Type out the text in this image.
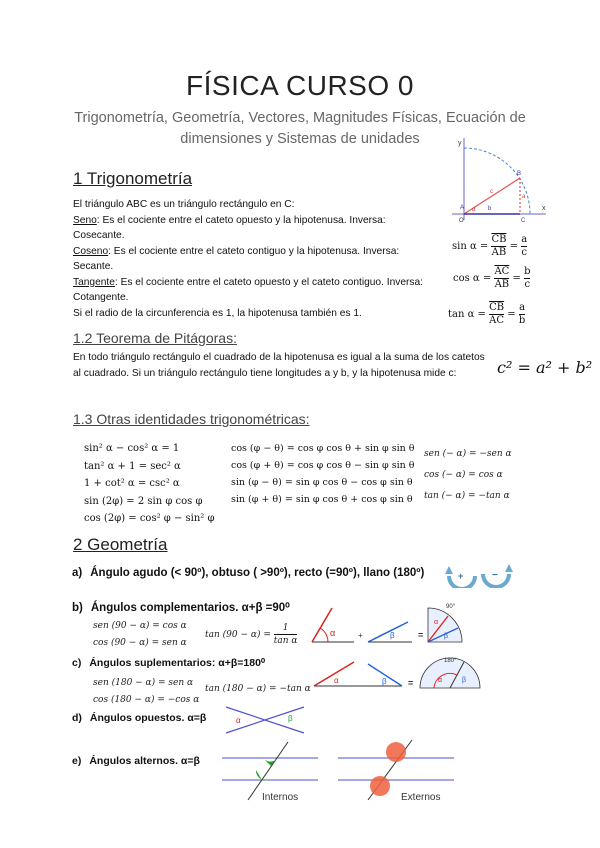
FÍSICA CURSO 0
Trigonometría, Geometría, Vectores, Magnitudes Físicas, Ecuación de dimensiones y Sistemas de unidades
1 Trigonometría
El triángulo ABC es un triángulo rectángulo en C:
Seno: Es el cociente entre el cateto opuesto y la hipotenusa. Inversa: Cosecante.
Coseno: Es el cociente entre el cateto contiguo y la hipotenusa. Inversa: Secante.
Tangente: Es el cociente entre el cateto opuesto y el cateto contiguo. Inversa: Cotangente.
Si el radio de la circunferencia es 1, la hipotenusa también es 1.
y
x
A
B
C
b
a
c
O
α
$\sin \alpha = \frac{\overline{CB}}{AB} = \frac{a}{c}$
$\cos \alpha = \frac{\overline{AC}}{AB} = \frac{b}{c}$
$\tan \alpha = \frac{\overline{CB}}{AC} = \frac{a}{b}$
1.2 Teorema de Pitágoras:
En todo triángulo rectángulo el cuadrado de la hipotenusa es igual a la suma de los catetos al cuadrado. Si un triángulo rectángulo tiene longitudes a y b, y la hipotenusa mide c:	c² = a² + b²
1.3 Otras identidades trigonométricas:
sin² α − cos² α = 1
tan² α + 1 = sec² α
1 + cot² α = csc² α
sin (2φ) = 2 sin φ cos φ
cos (2φ) = cos² φ − sin² φ
cos (φ − θ) = cos φ cos θ + sin φ sin θ
cos (φ + θ) = cos φ cos θ − sin φ sin θ
sin (φ − θ) = sin φ cos θ − cos φ sin θ
sin (φ + θ) = sin φ cos θ + cos φ sin θ
sen (− α) = −sen α
cos (− α) = cos α
tan (− α) = −tan α
2 Geometría
a) Ángulo agudo (< 90º), obtuso ( >90º), recto (=90º), llano (180º)	+	−
b) Ángulos complementarios. α+β =90⁰
sen (90 − α) = cos α
cos (90 − α) = sen α
$\tan (90 - \alpha) = \frac{1}{\text{tan α}}$	α	+	β	=
α
β
90°
c) Ángulos suplementarios: α+β=180⁰
sen (180 − α) = sen α
cos (180 − α) = −cos α
tan (180 − α) = −tan α
α	β =	α	β
180°
d) Ángulos opuestos. α=β	α	β
e) Ángulos alternos. α=β
Internos	Externos
